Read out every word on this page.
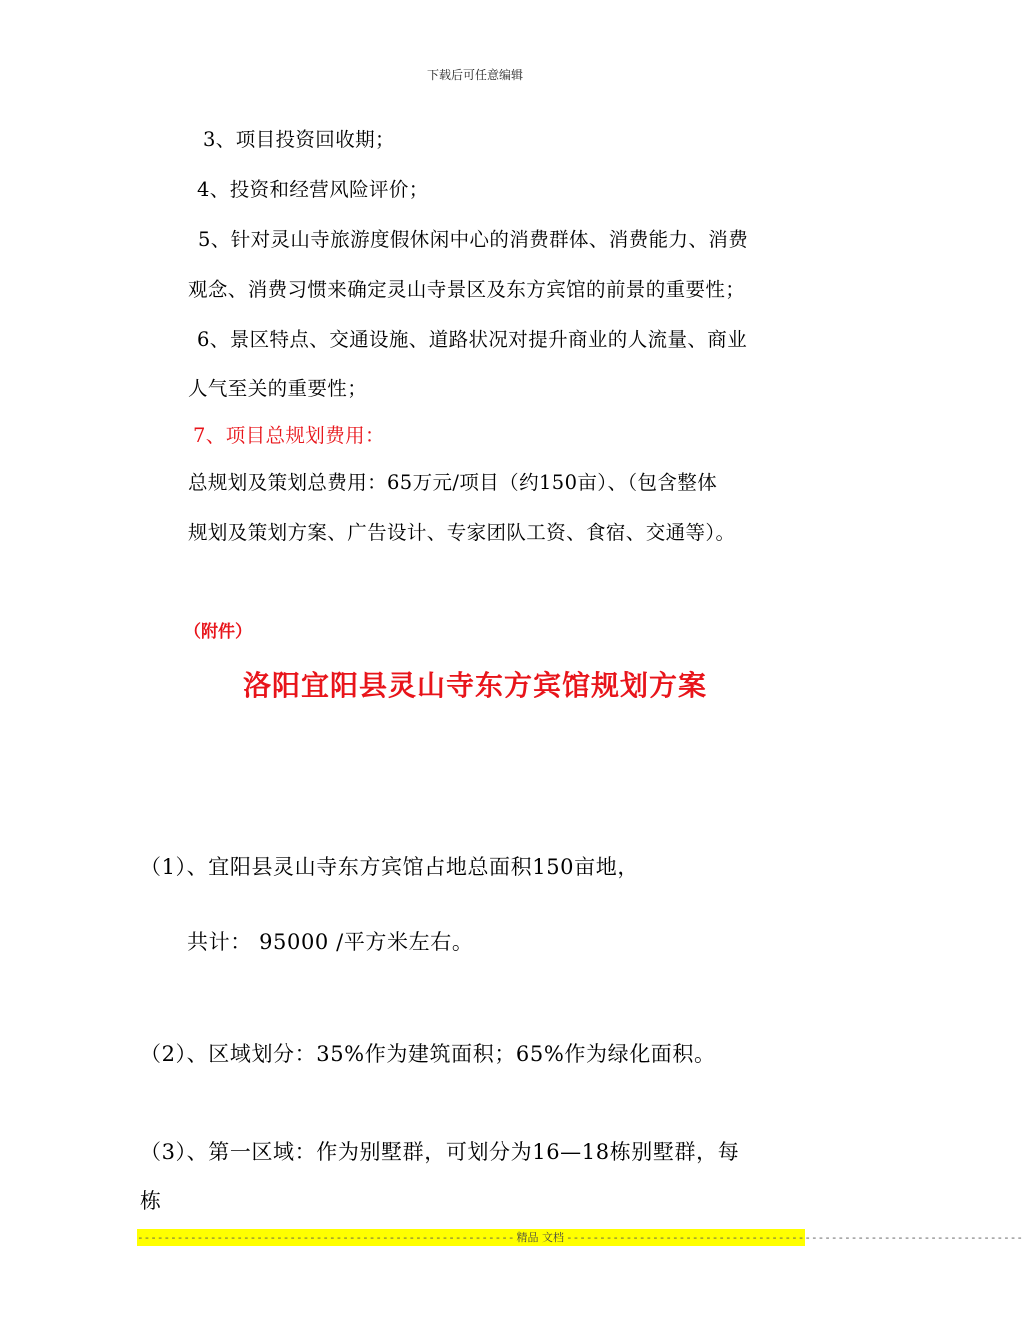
下载后可任意编辑
3、项目投资回收期；
4、投资和经营风险评价；
5、针对灵山寺旅游度假休闲中心的消费群体、消费能力、消费
观念、消费习惯来确定灵山寺景区及东方宾馆的前景的重要性；
6、景区特点、交通设施、道路状况对提升商业的人流量、商业
人气至关的重要性；
7、项目总规划费用：
总规划及策划总费用：65万元/项目（约150亩）、（包含整体
规划及策划方案、广告设计、专家团队工资、食宿、交通等）。
（附件）
洛阳宜阳县灵山寺东方宾馆规划方案
（1）、宜阳县灵山寺东方宾馆占地总面积150亩地，
共计： 95000 /平方米左右。
（2）、区域划分：35%作为建筑面积；65%作为绿化面积。
（3）、第一区域：作为别墅群，可划分为16—18栋别墅群，每
栋
--------------------------------------------------------- 精品 文档 ---------------------------------------------------------------------
